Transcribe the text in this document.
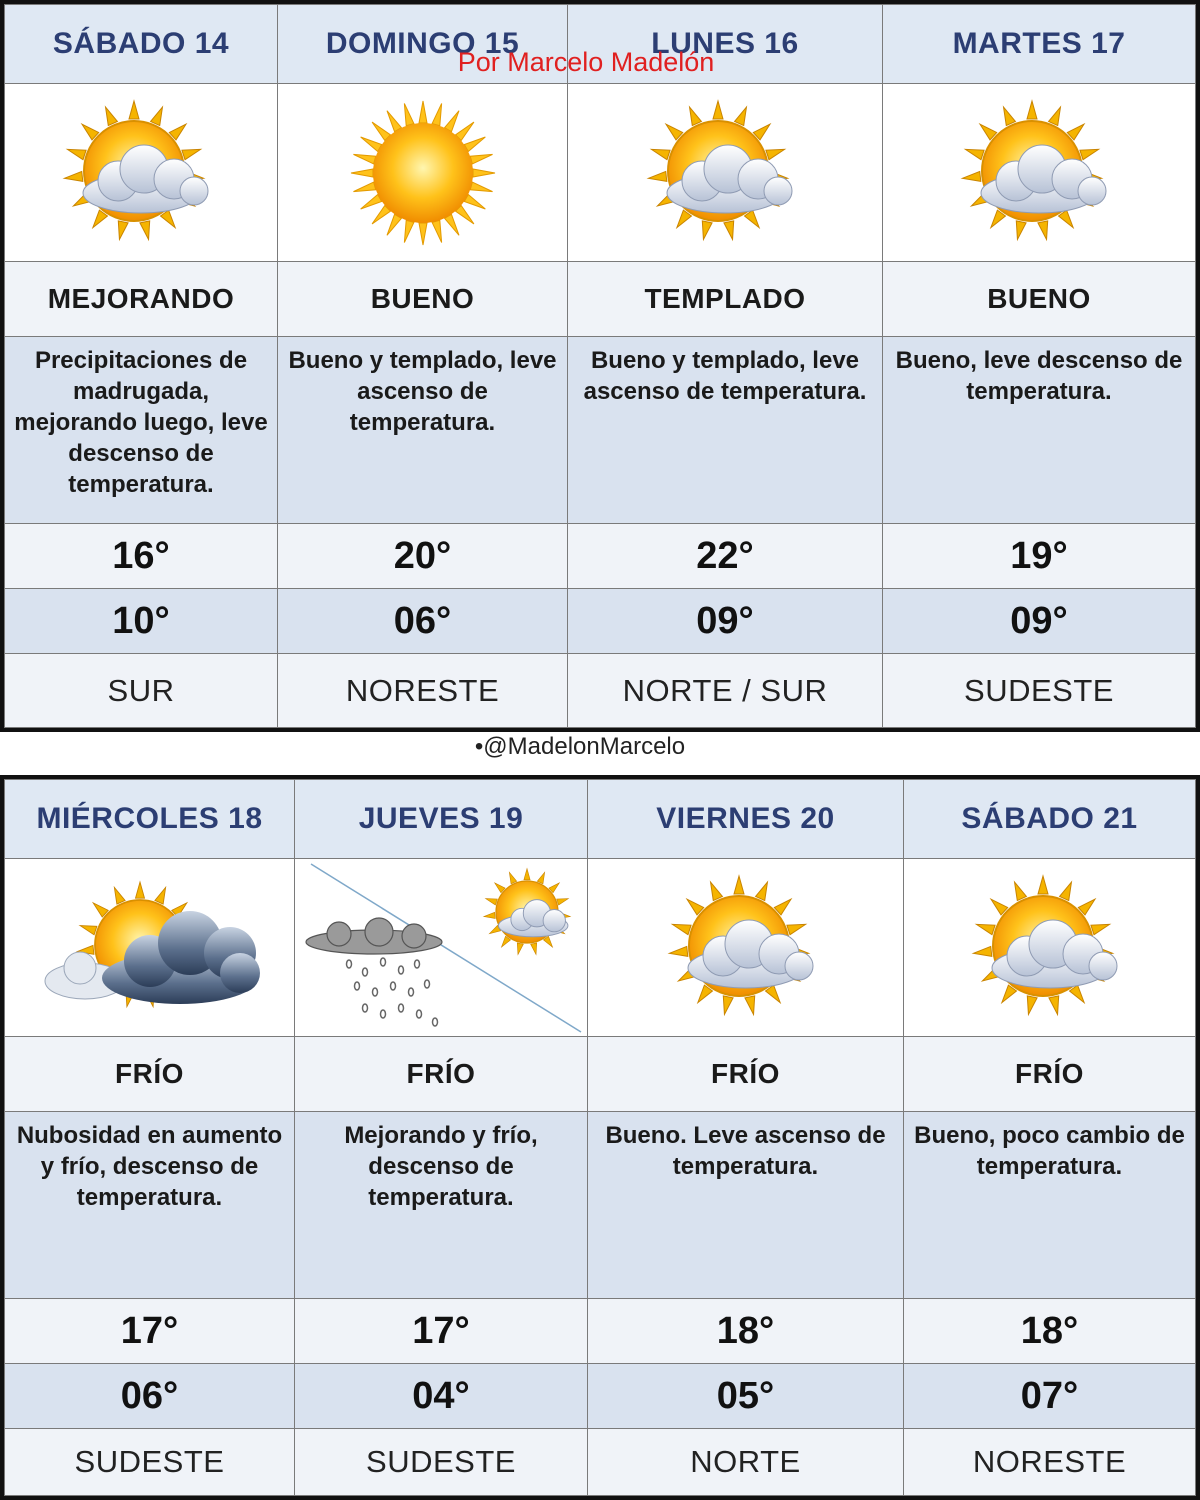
SÁBADO 14	DOMINGO 15	LUNES 16	MARTES 17

MEJORANDO	BUENO	TEMPLADO	BUENO

Precipitaciones de madrugada, mejorando luego, leve descenso de temperatura.	Bueno y templado, leve ascenso de temperatura.	Bueno y templado, leve ascenso de temperatura.	Bueno, leve descenso de temperatura.

16°	20°	22°	19°
10°	06°	09°	09°
SUR	NORESTE	NORTE / SUR	SUDESTE
Por Marcelo Madelón
•@MadelonMarcelo
MIÉRCOLES 18	JUEVES 19	VIERNES 20	SÁBADO 21

FRÍO	FRÍO	FRÍO	FRÍO

Nubosidad en aumento y frío, descenso de temperatura.	Mejorando y frío, descenso de temperatura.	Bueno. Leve ascenso de temperatura.	Bueno, poco cambio de temperatura.

17°	17°	18°	18°
06°	04°	05°	07°
SUDESTE	SUDESTE	NORTE	NORESTE
